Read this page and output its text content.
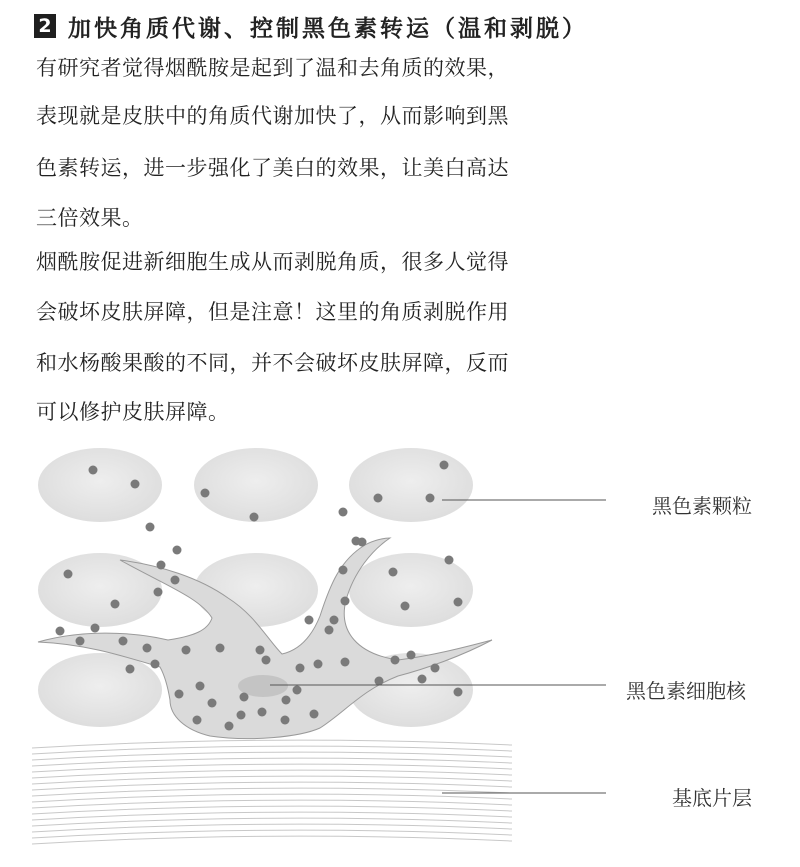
2 加快角质代谢、控制黑色素转运（温和剥脱）
有研究者觉得烟酰胺是起到了温和去角质的效果，
表现就是皮肤中的角质代谢加快了，从而影响到黑
色素转运，进一步强化了美白的效果，让美白高达
三倍效果。
烟酰胺促进新细胞生成从而剥脱角质，很多人觉得
会破坏皮肤屏障，但是注意！这里的角质剥脱作用
和水杨酸果酸的不同，并不会破坏皮肤屏障，反而
可以修护皮肤屏障。
黑色素颗粒
黑色素细胞核
基底片层
